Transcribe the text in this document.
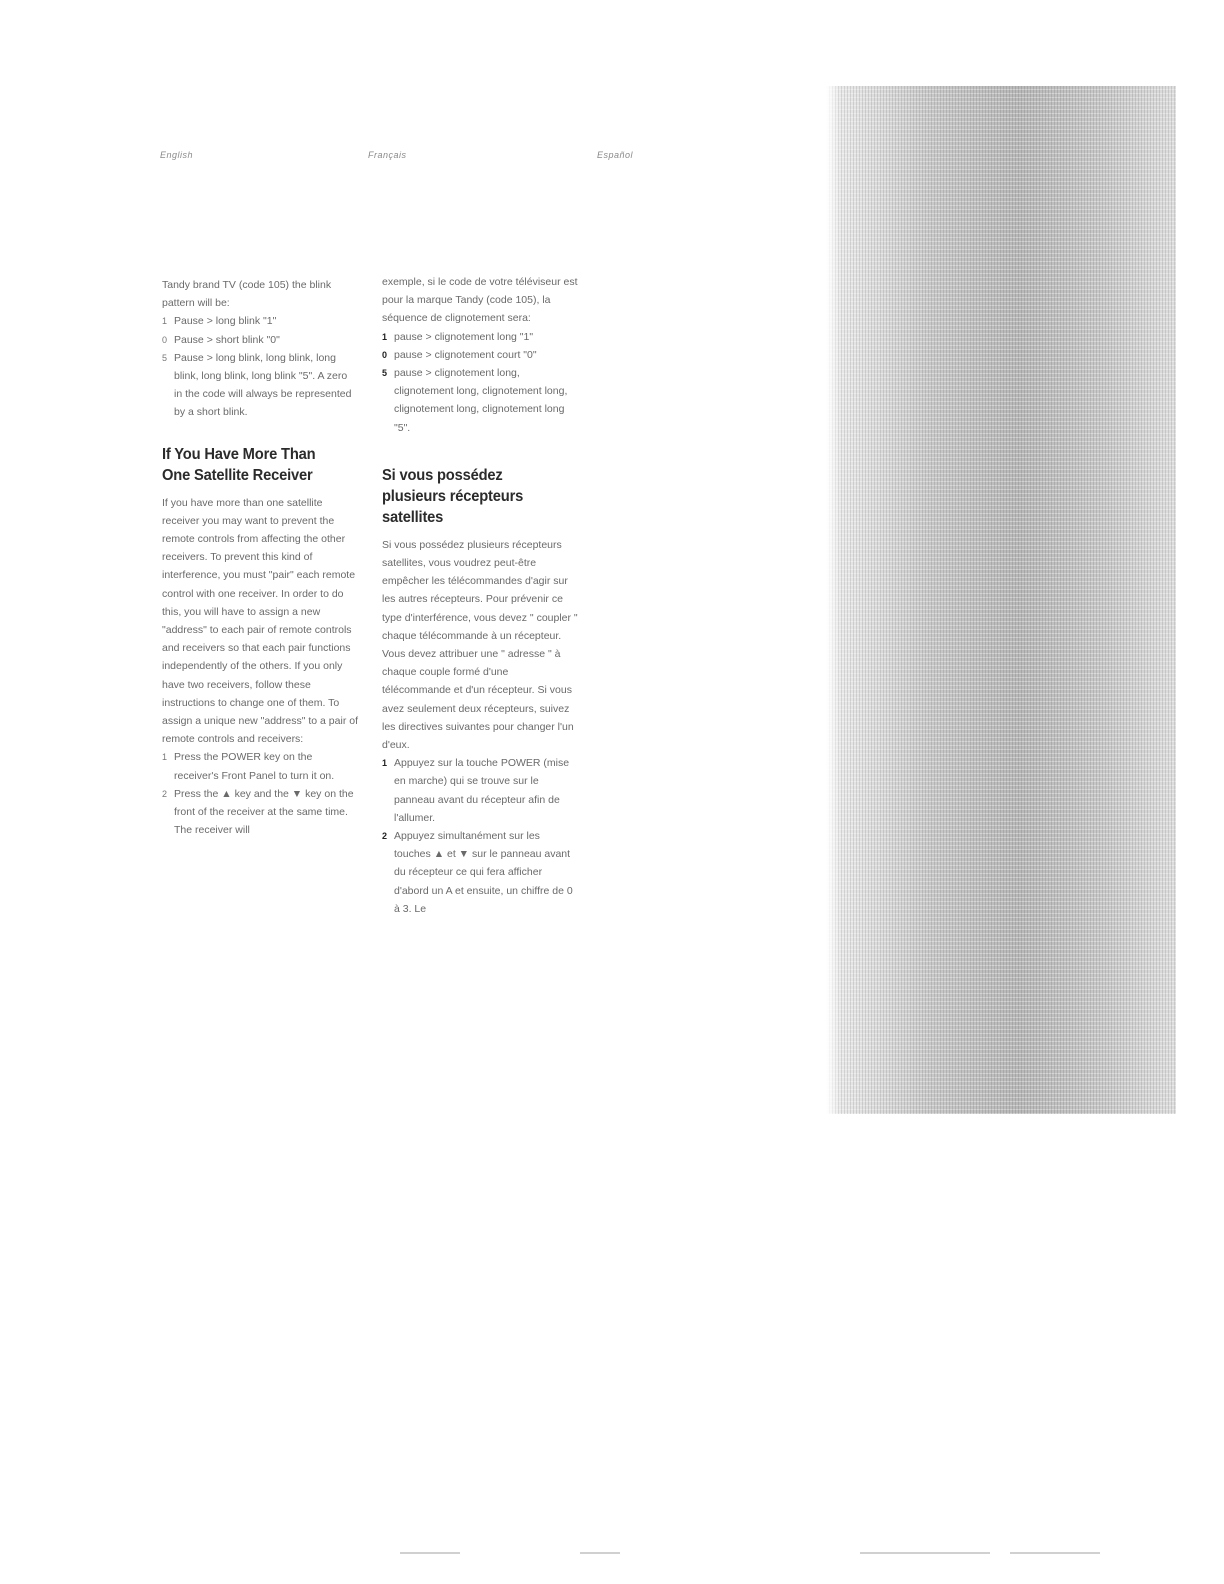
English	Français	Español

Tandy brand TV (code 105) the blink pattern will be:

1 Pause > long blink "1"
0 Pause > short blink "0"
5 Pause > long blink, long blink, long blink, long blink, long blink "5". A zero in the code will always be represented by a short blink.
If You Have More Than One Satellite Receiver

If you have more than one satellite receiver you may want to prevent the remote controls from affecting the other receivers. To prevent this kind of interference, you must "pair" each remote control with one receiver. In order to do this, you will have to assign a new "address" to each pair of remote controls and receivers so that each pair functions independently of the others. If you only have two receivers, follow these instructions to change one of them. To assign a unique new "address" to a pair of remote controls and receivers:

1 Press the POWER key on the receiver's Front Panel to turn it on.
2 Press the ▲ key and the ▼ key on the front of the receiver at the same time. The receiver will

exemple, si le code de votre téléviseur est pour la marque Tandy (code 105), la séquence de clignotement sera:

1 pause > clignotement long "1"
0 pause > clignotement court "0"
5 pause > clignotement long, clignotement long, clignotement long, clignotement long, clignotement long "5".
Si vous possédez plusieurs récepteurs satellites

Si vous possédez plusieurs récepteurs satellites, vous voudrez peut-être empêcher les télécommandes d'agir sur les autres récepteurs. Pour prévenir ce type d'interférence, vous devez " coupler " chaque télécommande à un récepteur. Vous devez attribuer une " adresse " à chaque couple formé d'une télécommande et d'un récepteur. Si vous avez seulement deux récepteurs, suivez les directives suivantes pour changer l'un d'eux.

1 Appuyez sur la touche POWER (mise en marche) qui se trouve sur le panneau avant du récepteur afin de l'allumer.
2 Appuyez simultanément sur les touches ▲ et ▼ sur le panneau avant du récepteur ce qui fera afficher d'abord un A et ensuite, un chiffre de 0 à 3. Le
